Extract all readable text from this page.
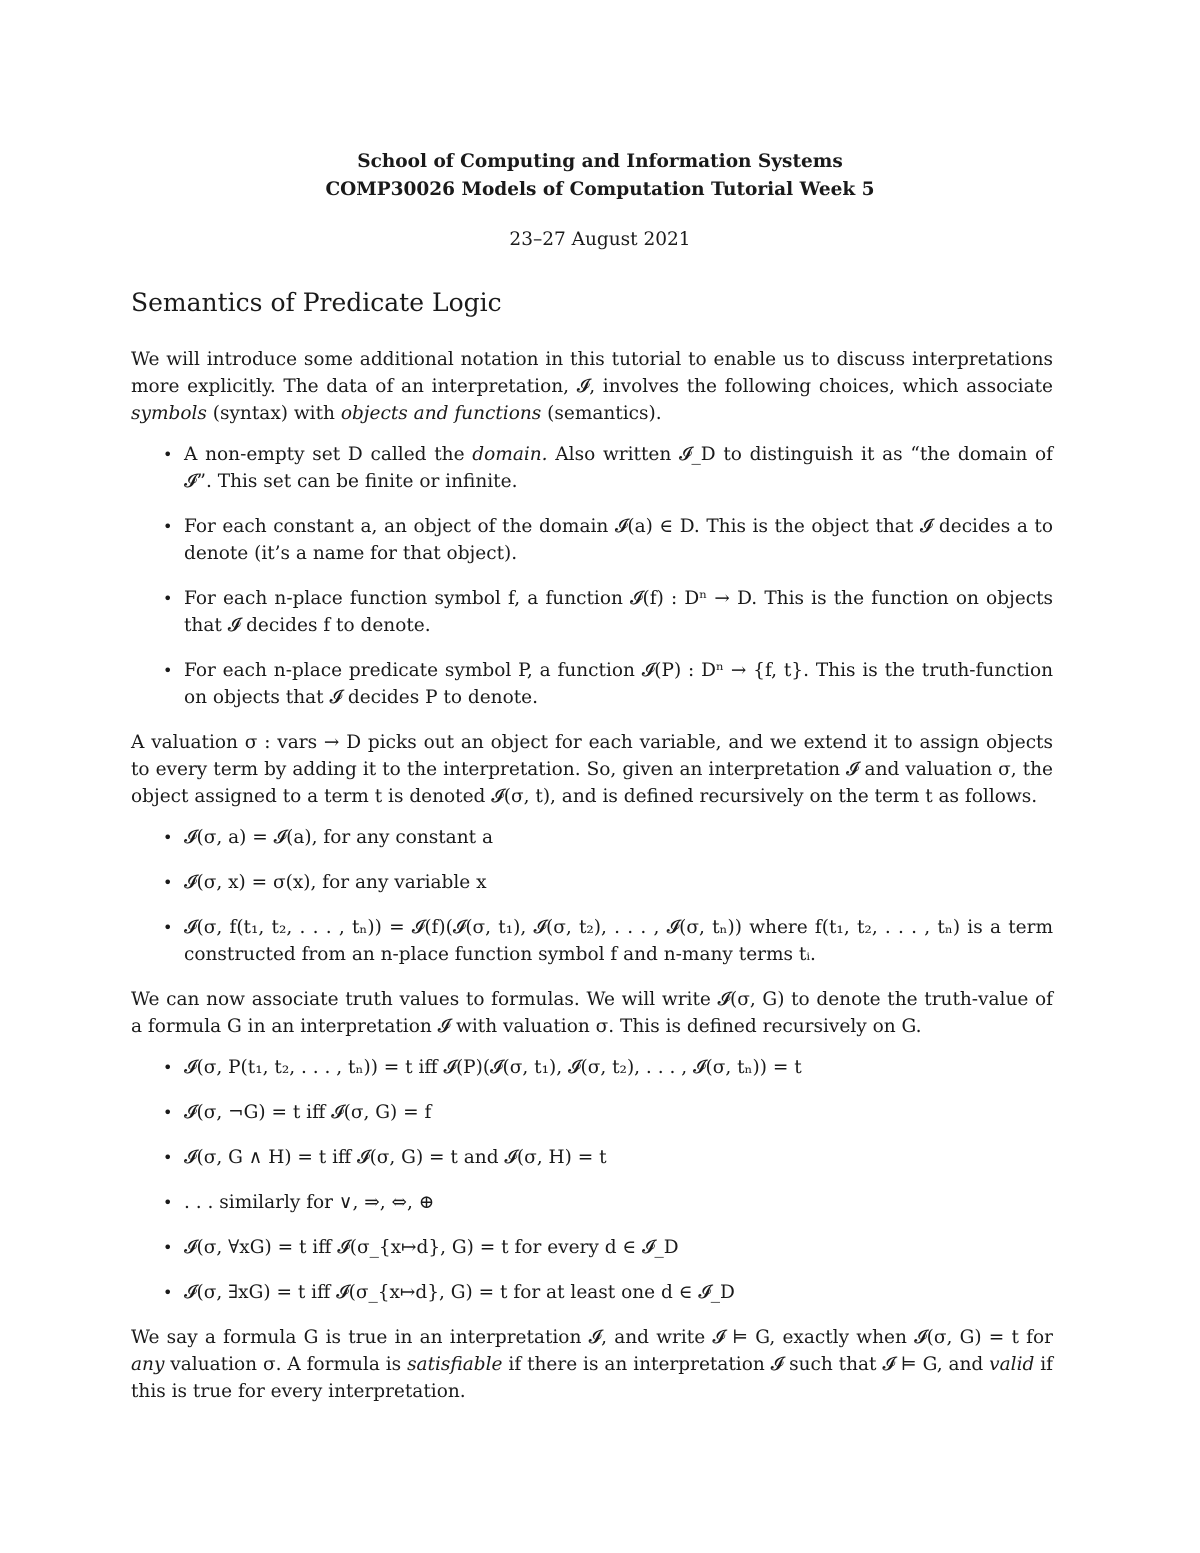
School of Computing and Information Systems
COMP30026 Models of Computation Tutorial Week 5
23–27 August 2021
Semantics of Predicate Logic

We will introduce some additional notation in this tutorial to enable us to discuss interpretations more explicitly. The data of an interpretation, 𝓘, involves the following choices, which associate symbols (syntax) with objects and functions (semantics).

• A non-empty set D called the domain. Also written 𝓘_D to distinguish it as “the domain of 𝓘”. This set can be finite or infinite.
• For each constant a, an object of the domain 𝓘(a) ∈ D. This is the object that 𝓘 decides a to denote (it’s a name for that object).
• For each n-place function symbol f, a function 𝓘(f) : Dⁿ → D. This is the function on objects that 𝓘 decides f to denote.
• For each n-place predicate symbol P, a function 𝓘(P) : Dⁿ → {f, t}. This is the truth-function on objects that 𝓘 decides P to denote.

A valuation σ : vars → D picks out an object for each variable, and we extend it to assign objects to every term by adding it to the interpretation. So, given an interpretation 𝓘 and valuation σ, the object assigned to a term t is denoted 𝓘(σ, t), and is defined recursively on the term t as follows.

• 𝓘(σ, a) = 𝓘(a), for any constant a
• 𝓘(σ, x) = σ(x), for any variable x
• 𝓘(σ, f(t₁, t₂, . . . , tₙ)) = 𝓘(f)(𝓘(σ, t₁), 𝓘(σ, t₂), . . . , 𝓘(σ, tₙ)) where f(t₁, t₂, . . . , tₙ) is a term constructed from an n-place function symbol f and n-many terms tᵢ.

We can now associate truth values to formulas. We will write 𝓘(σ, G) to denote the truth-value of a formula G in an interpretation 𝓘 with valuation σ. This is defined recursively on G.

• 𝓘(σ, P(t₁, t₂, . . . , tₙ)) = t iff 𝓘(P)(𝓘(σ, t₁), 𝓘(σ, t₂), . . . , 𝓘(σ, tₙ)) = t
• 𝓘(σ, ¬G) = t iff 𝓘(σ, G) = f
• 𝓘(σ, G ∧ H) = t iff 𝓘(σ, G) = t and 𝓘(σ, H) = t
• . . . similarly for ∨, ⇒, ⇔, ⊕
• 𝓘(σ, ∀xG) = t iff 𝓘(σ_{x↦d}, G) = t for every d ∈ 𝓘_D
• 𝓘(σ, ∃xG) = t iff 𝓘(σ_{x↦d}, G) = t for at least one d ∈ 𝓘_D

We say a formula G is true in an interpretation 𝓘, and write 𝓘 ⊨ G, exactly when 𝓘(σ, G) = t for any valuation σ. A formula is satisfiable if there is an interpretation 𝓘 such that 𝓘 ⊨ G, and valid if this is true for every interpretation.
